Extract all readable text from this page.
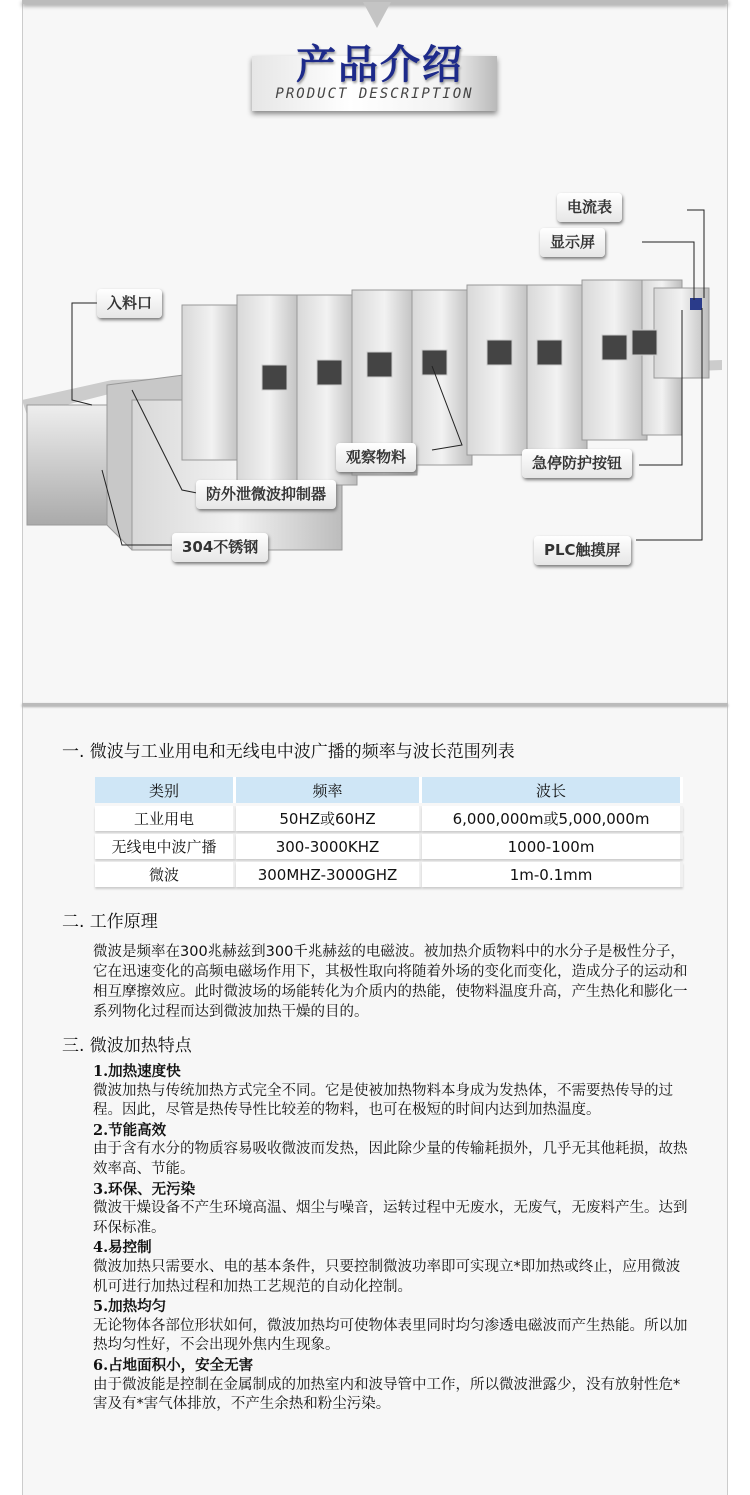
产品介绍
PRODUCT DESCRIPTION
电流表
显示屏
入料口
观察物料	急停防护按钮
防外泄微波抑制器
304不锈钢	PLC触摸屏
一. 微波与工业用电和无线电中波广播的频率与波长范围列表
类别	频率	波长
工业用电	50HZ或60HZ	6,000,000m或5,000,000m
无线电中波广播	300-3000KHZ	1000-100m
微波	300MHZ-3000GHZ	1m-0.1mm
二. 工作原理
微波是频率在300兆赫兹到300千兆赫兹的电磁波。被加热介质物料中的水分子是极性分子，它在迅速变化的高频电磁场作用下，其极性取向将随着外场的变化而变化，造成分子的运动和相互摩擦效应。此时微波场的场能转化为介质内的热能，使物料温度升高，产生热化和膨化一系列物化过程而达到微波加热干燥的目的。
三. 微波加热特点
1.加热速度快

微波加热与传统加热方式完全不同。它是使被加热物料本身成为发热体，不需要热传导的过程。因此，尽管是热传导性比较差的物料，也可在极短的时间内达到加热温度。

2.节能高效

由于含有水分的物质容易吸收微波而发热，因此除少量的传输耗损外，几乎无其他耗损，故热效率高、节能。

3.环保、无污染

微波干燥设备不产生环境高温、烟尘与噪音，运转过程中无废水，无废气，无废料产生。达到环保标准。

4.易控制

微波加热只需要水、电的基本条件，只要控制微波功率即可实现立*即加热或终止，应用微波机可进行加热过程和加热工艺规范的自动化控制。

5.加热均匀

无论物体各部位形状如何，微波加热均可使物体表里同时均匀渗透电磁波而产生热能。所以加热均匀性好，不会出现外焦内生现象。

6.占地面积小，安全无害

由于微波能是控制在金属制成的加热室内和波导管中工作，所以微波泄露少，没有放射性危*害及有*害气体排放，不产生余热和粉尘污染。
